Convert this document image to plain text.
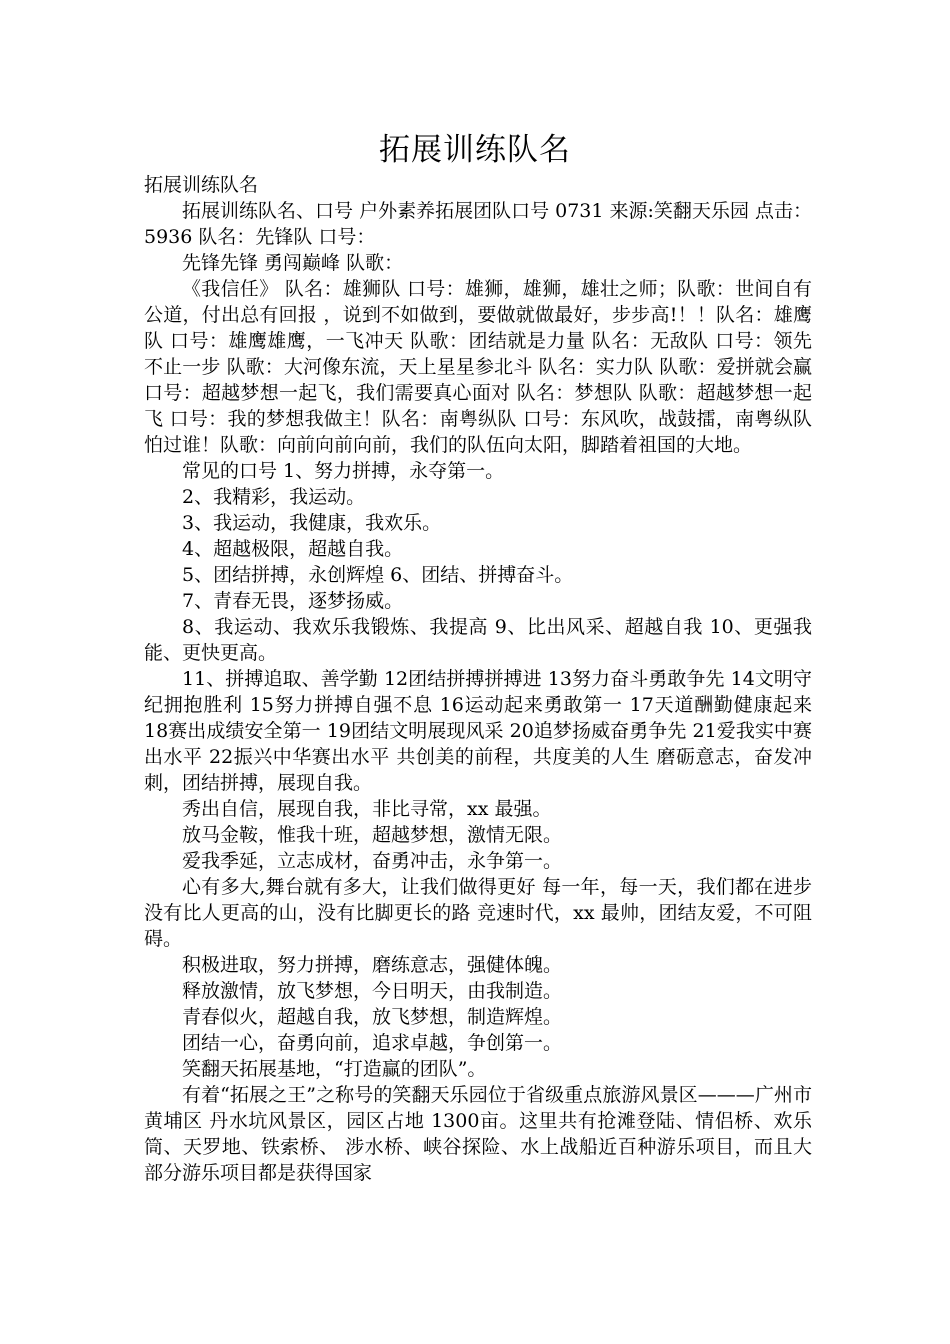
拓展训练队名

拓展训练队名

拓展训练队名、口号 户外素养拓展团队口号 0731 来源:笑翻天乐园 点击：5936 队名：先锋队 口号：

先锋先锋 勇闯巅峰 队歌：

《我信任》 队名：雄狮队 口号：雄狮，雄狮，雄壮之师；队歌：世间自有公道，付出总有回报 ，说到不如做到，要做就做最好，步步高!！！队名：雄鹰队 口号：雄鹰雄鹰，一飞冲天 队歌：团结就是力量 队名：无敌队 口号：领先不止一步 队歌：大河像东流，天上星星参北斗 队名：实力队 队歌：爱拼就会赢 口号：超越梦想一起飞，我们需要真心面对 队名：梦想队 队歌：超越梦想一起飞 口号：我的梦想我做主！队名：南粤纵队 口号：东风吹，战鼓擂，南粤纵队怕过谁！队歌：向前向前向前，我们的队伍向太阳，脚踏着祖国的大地。

常见的口号 1、努力拼搏，永夺第一。

2、我精彩，我运动。

3、我运动，我健康，我欢乐。

4、超越极限，超越自我。

5、团结拼搏，永创辉煌 6、团结、拼搏奋斗。

7、青春无畏，逐梦扬威。

8、我运动、我欢乐我锻炼、我提高 9、比出风采、超越自我 10、更强我能、更快更高。

11、拼搏追取、善学勤 12团结拼搏拼搏进 13努力奋斗勇敢争先 14文明守纪拥抱胜利 15努力拼搏自强不息 16运动起来勇敢第一 17天道酬勤健康起来 18赛出成绩安全第一 19团结文明展现风采 20追梦扬威奋勇争先 21爱我实中赛出水平 22振兴中华赛出水平 共创美的前程，共度美的人生 磨砺意志，奋发冲刺，团结拼搏，展现自我。

秀出自信，展现自我，非比寻常，xx 最强。

放马金鞍，惟我十班，超越梦想，激情无限。

爱我季延，立志成材，奋勇冲击，永争第一。

心有多大,舞台就有多大，让我们做得更好 每一年，每一天，我们都在进步 没有比人更高的山，没有比脚更长的路 竞速时代，xx 最帅，团结友爱，不可阻碍。

积极进取，努力拼搏，磨练意志，强健体魄。

释放激情，放飞梦想，今日明天，由我制造。

青春似火，超越自我，放飞梦想，制造辉煌。

团结一心，奋勇向前，追求卓越，争创第一。

笑翻天拓展基地，“打造赢的团队”。

有着“拓展之王”之称号的笑翻天乐园位于省级重点旅游风景区———广州市黄埔区 丹水坑风景区，园区占地 1300亩。这里共有抢滩登陆、情侣桥、欢乐筒、天罗地、铁索桥、 涉水桥、峡谷探险、水上战船近百种游乐项目，而且大部分游乐项目都是获得国家
